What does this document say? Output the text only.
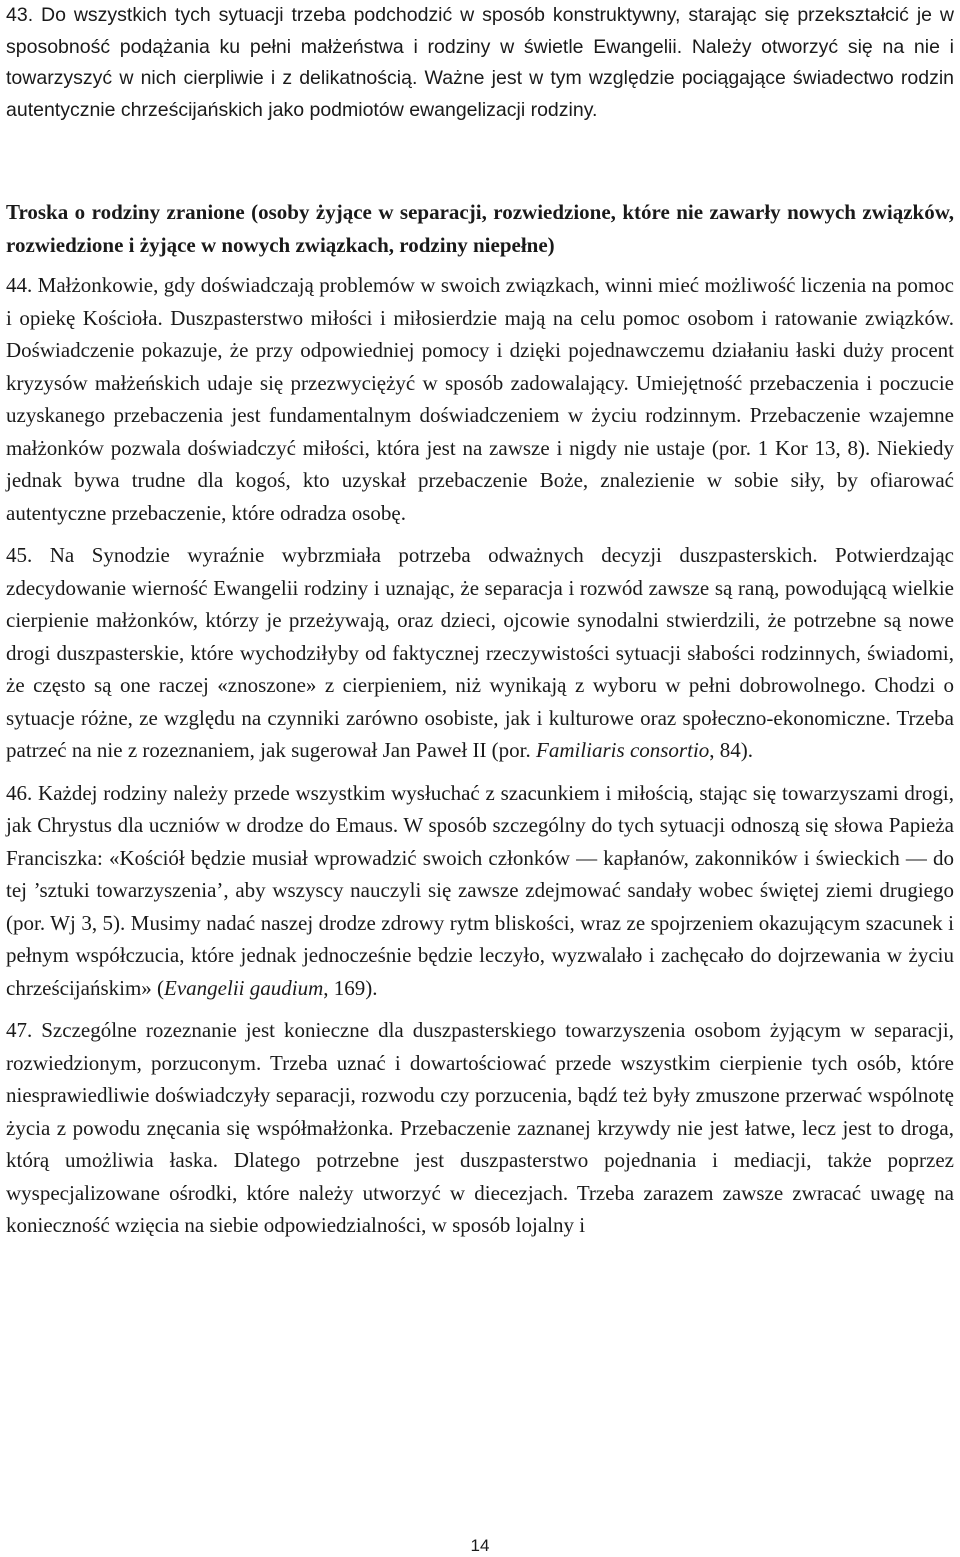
43. Do wszystkich tych sytuacji trzeba podchodzić w sposób konstruktywny, starając się przekształcić je w sposobność podążania ku pełni małżeństwa i rodziny w świetle Ewangelii. Należy otworzyć się na nie i towarzyszyć w nich cierpliwie i z delikatnością. Ważne jest w tym względzie pociągające świadectwo rodzin autentycznie chrześcijańskich jako podmiotów ewangelizacji rodziny.

Troska o rodziny zranione (osoby żyjące w separacji, rozwiedzione, które nie zawarły nowych związków, rozwiedzione i żyjące w nowych związkach, rodziny niepełne)

44. Małżonkowie, gdy doświadczają problemów w swoich związkach, winni mieć możliwość liczenia na pomoc i opiekę Kościoła. Duszpasterstwo miłości i miłosierdzie mają na celu pomoc osobom i ratowanie związków. Doświadczenie pokazuje, że przy odpowiedniej pomocy i dzięki pojednawczemu działaniu łaski duży procent kryzysów małżeńskich udaje się przezwyciężyć w sposób zadowalający. Umiejętność przebaczenia i poczucie uzyskanego przebaczenia jest fundamentalnym doświadczeniem w życiu rodzinnym. Przebaczenie wzajemne małżonków pozwala doświadczyć miłości, która jest na zawsze i nigdy nie ustaje (por. 1 Kor 13, 8). Niekiedy jednak bywa trudne dla kogoś, kto uzyskał przebaczenie Boże, znalezienie w sobie siły, by ofiarować autentyczne przebaczenie, które odradza osobę.

45. Na Synodzie wyraźnie wybrzmiała potrzeba odważnych decyzji duszpasterskich. Potwierdzając zdecydowanie wierność Ewangelii rodziny i uznając, że separacja i rozwód zawsze są raną, powodującą wielkie cierpienie małżonków, którzy je przeżywają, oraz dzieci, ojcowie synodalni stwierdzili, że potrzebne są nowe drogi duszpasterskie, które wychodziłyby od faktycznej rzeczywistości sytuacji słabości rodzinnych, świadomi, że często są one raczej «znoszone» z cierpieniem, niż wynikają z wyboru w pełni dobrowolnego. Chodzi o sytuacje różne, ze względu na czynniki zarówno osobiste, jak i kulturowe oraz społeczno-ekonomiczne. Trzeba patrzeć na nie z rozeznaniem, jak sugerował Jan Paweł II (por. Familiaris consortio, 84).

46. Każdej rodziny należy przede wszystkim wysłuchać z szacunkiem i miłością, stając się towarzyszami drogi, jak Chrystus dla uczniów w drodze do Emaus. W sposób szczególny do tych sytuacji odnoszą się słowa Papieża Franciszka: «Kościół będzie musiał wprowadzić swoich członków — kapłanów, zakonników i świeckich — do tej ’sztuki towarzyszenia’, aby wszyscy nauczyli się zawsze zdejmować sandały wobec świętej ziemi drugiego (por. Wj 3, 5). Musimy nadać naszej drodze zdrowy rytm bliskości, wraz ze spojrzeniem okazującym szacunek i pełnym współczucia, które jednak jednocześnie będzie leczyło, wyzwalało i zachęcało do dojrzewania w życiu chrześcijańskim» (Evangelii gaudium, 169).

47. Szczególne rozeznanie jest konieczne dla duszpasterskiego towarzyszenia osobom żyjącym w separacji, rozwiedzionym, porzuconym. Trzeba uznać i dowartościować przede wszystkim cierpienie tych osób, które niesprawiedliwie doświadczyły separacji, rozwodu czy porzucenia, bądź też były zmuszone przerwać wspólnotę życia z powodu znęcania się współmałżonka. Przebaczenie zaznanej krzywdy nie jest łatwe, lecz jest to droga, którą umożliwia łaska. Dlatego potrzebne jest duszpasterstwo pojednania i mediacji, także poprzez wyspecjalizowane ośrodki, które należy utworzyć w diecezjach. Trzeba zarazem zawsze zwracać uwagę na konieczność wzięcia na siebie odpowiedzialności, w sposób lojalny i

14
